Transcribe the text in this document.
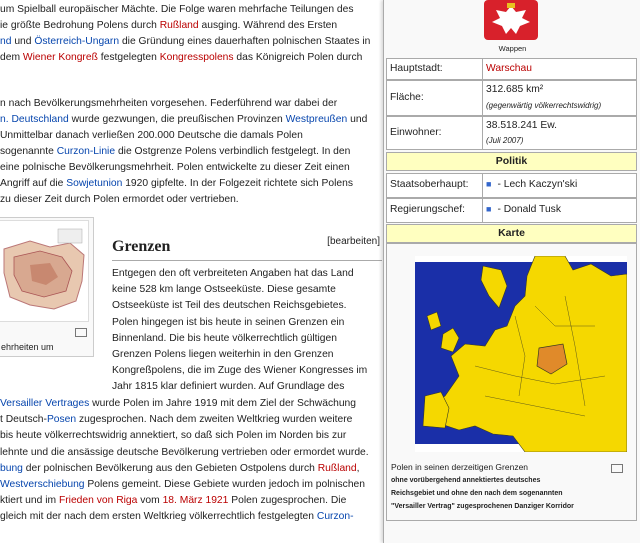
um Spielball europäischer Mächte. Die Folge waren mehrfache Teilungen des
ie größte Bedrohung Polens durch Rußland ausging. Während des Ersten
nd und Österreich-Ungarn die Gründung eines dauerhaften polnischen Staates in
dem Wiener Kongreß festgelegten Kongresspolens das Königreich Polen durch
n nach Bevölkerungsmehrheiten vorgesehen. Federführend war dabei der
n. Deutschland wurde gezwungen, die preußischen Provinzen Westpreußen und
Unmittelbar danach verließen 200.000 Deutsche die damals Polen
sogenannte Curzon-Linie die Ostgrenze Polens verbindlich festgelegt. In den
eine polnische Bevölkerungsmehrheit. Polen entwickelte zu dieser Zeit einen
Angriff auf die Sowjetunion 1920 gipfelte. In der Folgezeit richtete sich Polens
zu dieser Zeit durch Polen ermordet oder vertrieben.
ehrheiten um
Grenzen	[bearbeiten]
Entgegen den oft verbreiteten Angaben hat das Land
keine 528 km lange Ostseeküste. Diese gesamte
Ostseeküste ist Teil des deutschen Reichsgebietes.
Polen hingegen ist bis heute in seinen Grenzen ein
Binnenland. Die bis heute völkerrechtlich gültigen
Grenzen Polens liegen weiterhin in den Grenzen
Kongreßpolens, die im Zuge des Wiener Kongresses im
Jahr 1815 klar definiert wurden. Auf Grundlage des
Versailler Vertrages wurde Polen im Jahre 1919 mit dem Ziel der Schwächung
t Deutsch-Posen zugesprochen. Nach dem zweiten Weltkrieg wurden weitere
bis heute völkerrechtswidrig annektiert, so daß sich Polen im Norden bis zur
lehnte und die ansässige deutsche Bevölkerung vertrieben oder ermordet wurde.
bung der polnischen Bevölkerung aus den Gebieten Ostpolens durch Rußland,
Westverschiebung Polens gemeint. Diese Gebiete wurden jedoch im polnischen
ktiert und im Frieden von Riga vom 18. März 1921 Polen zugesprochen. Die
gleich mit der nach dem ersten Weltkrieg völkerrechtlich festgelegten Curzon-
Wappen
Hauptstadt:	Warschau
Fläche:
312.685 km²
(gegenwärtig völkerrechtswidrig)
Einwohner:
38.518.241 Ew.
(Juli 2007)
Politik
Staatsoberhaupt: ■ - Lech Kaczyn'ski
Regierungschef: ■ - Donald Tusk
Karte
Polen in seinen derzeitigen Grenzen
ohne vorübergehend annektiertes deutsches
Reichsgebiet und ohne den nach dem sogenannten
"Versailler Vertrag" zugesprochenen Danziger Korridor
